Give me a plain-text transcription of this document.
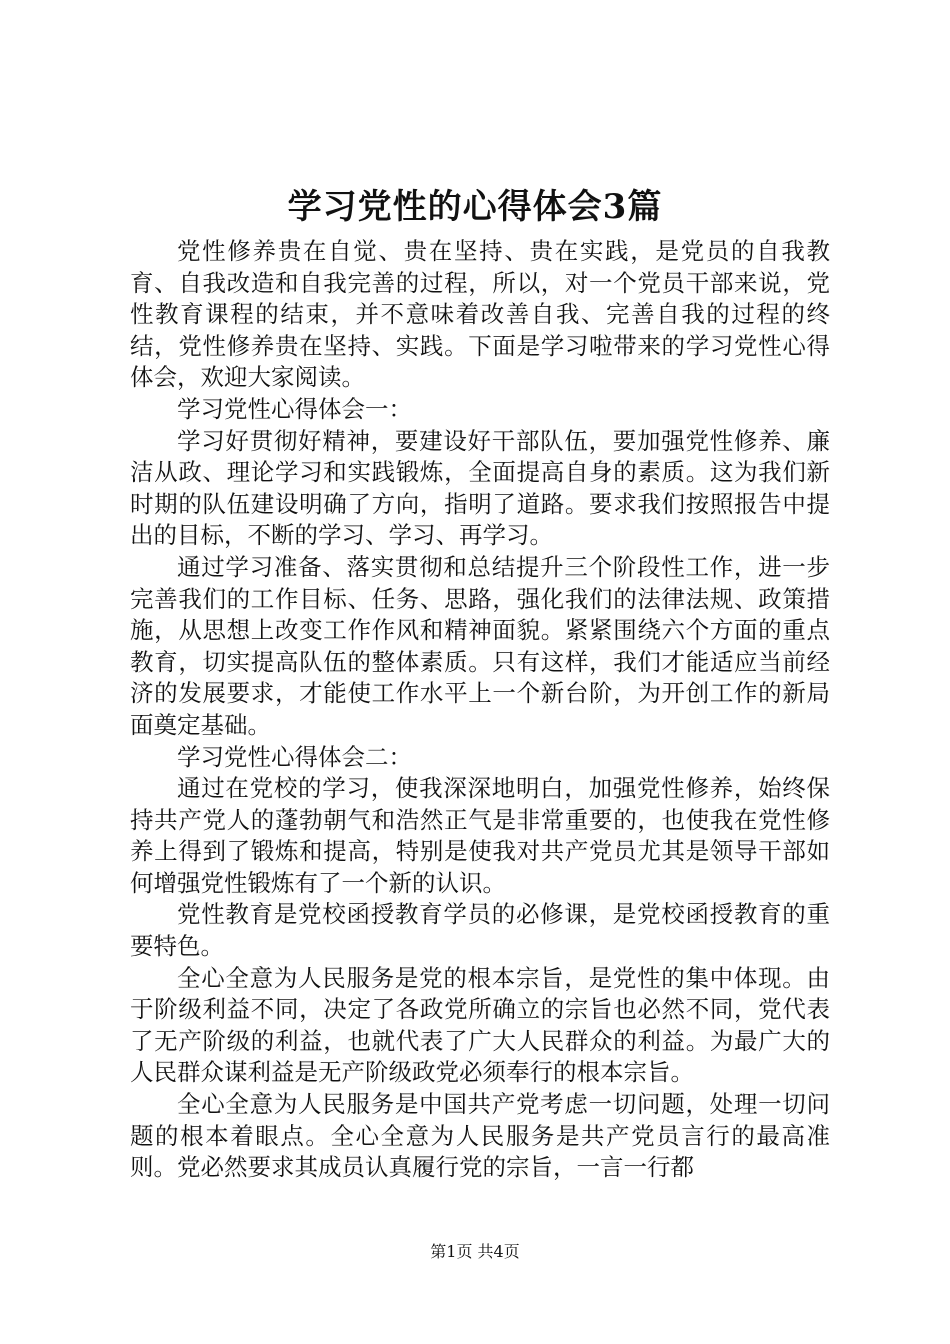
学习党性的心得体会3篇

党性修养贵在自觉、贵在坚持、贵在实践，是党员的自我教育、自我改造和自我完善的过程，所以，对一个党员干部来说，党性教育课程的结束，并不意味着改善自我、完善自我的过程的终结，党性修养贵在坚持、实践。下面是学习啦带来的学习党性心得体会，欢迎大家阅读。

学习党性心得体会一：

学习好贯彻好精神，要建设好干部队伍，要加强党性修养、廉洁从政、理论学习和实践锻炼，全面提高自身的素质。这为我们新时期的队伍建设明确了方向，指明了道路。要求我们按照报告中提出的目标，不断的学习、学习、再学习。

通过学习准备、落实贯彻和总结提升三个阶段性工作，进一步完善我们的工作目标、任务、思路，强化我们的法律法规、政策措施，从思想上改变工作作风和精神面貌。紧紧围绕六个方面的重点教育，切实提高队伍的整体素质。只有这样，我们才能适应当前经济的发展要求，才能使工作水平上一个新台阶，为开创工作的新局面奠定基础。

学习党性心得体会二：

通过在党校的学习，使我深深地明白，加强党性修养，始终保持共产党人的蓬勃朝气和浩然正气是非常重要的，也使我在党性修养上得到了锻炼和提高，特别是使我对共产党员尤其是领导干部如何增强党性锻炼有了一个新的认识。

党性教育是党校函授教育学员的必修课，是党校函授教育的重要特色。

全心全意为人民服务是党的根本宗旨，是党性的集中体现。由于阶级利益不同，决定了各政党所确立的宗旨也必然不同，党代表了无产阶级的利益，也就代表了广大人民群众的利益。为最广大的人民群众谋利益是无产阶级政党必须奉行的根本宗旨。

全心全意为人民服务是中国共产党考虑一切问题，处理一切问题的根本着眼点。全心全意为人民服务是共产党员言行的最高准则。党必然要求其成员认真履行党的宗旨，一言一行都

第1页 共4页
